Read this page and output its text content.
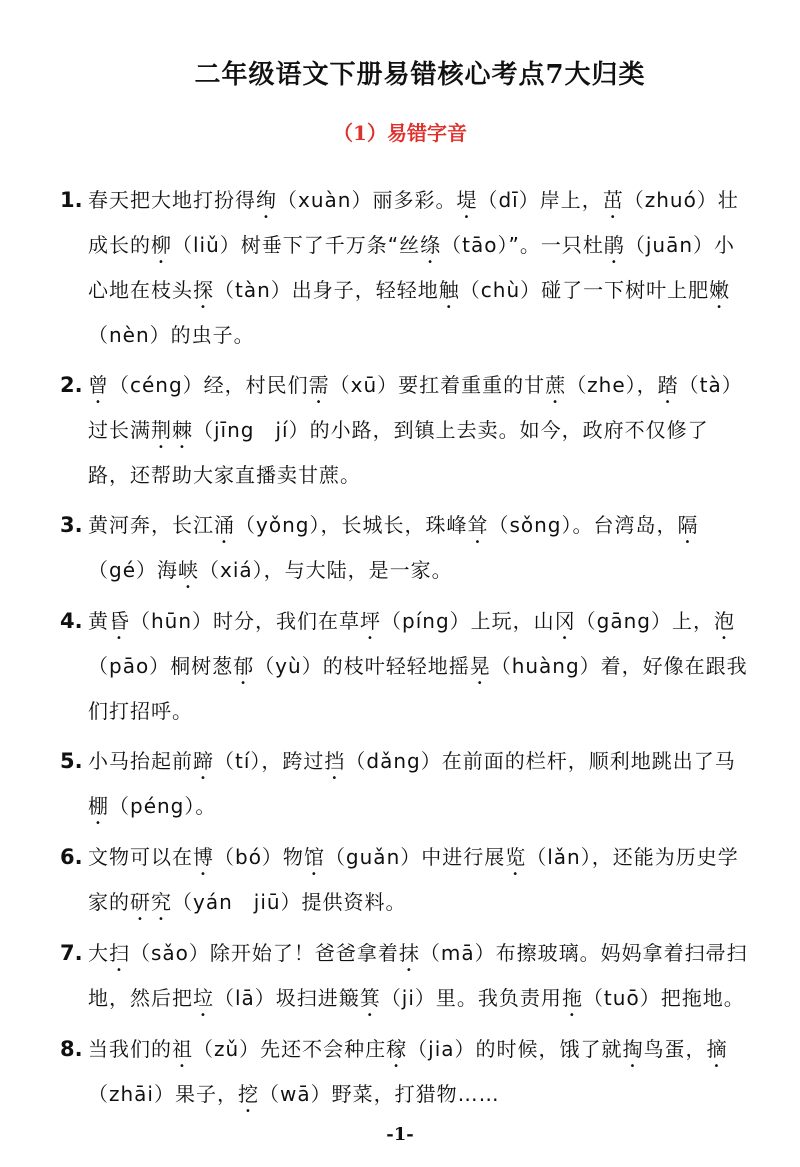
二年级语文下册易错核心考点7大归类
（1）易错字音
1. 春天把大地打扮得绚（xuàn）丽多彩。堤（dī）岸上，茁（zhuó）壮成长的柳（liǔ）树垂下了千万条“丝绦（tāo）”。一只杜鹃（juān）小心地在枝头探（tàn）出身子，轻轻地触（chù）碰了一下树叶上肥嫩（nèn）的虫子。
2. 曾（céng）经，村民们需（xū）要扛着重重的甘蔗（zhe），踏（tà）过长满荆棘（jīng　jí）的小路，到镇上去卖。如今，政府不仅修了路，还帮助大家直播卖甘蔗。
3. 黄河奔，长江涌（yǒng），长城长，珠峰耸（sǒng）。台湾岛，隔（gé）海峡（xiá），与大陆，是一家。
4. 黄昏（hūn）时分，我们在草坪（píng）上玩，山冈（gāng）上，泡（pāo）桐树葱郁（yù）的枝叶轻轻地摇晃（huàng）着，好像在跟我们打招呼。
5. 小马抬起前蹄（tí），跨过挡（dǎng）在前面的栏杆，顺利地跳出了马棚（péng）。
6. 文物可以在博（bó）物馆（guǎn）中进行展览（lǎn），还能为历史学家的研究（yán　jiū）提供资料。
7. 大扫（sǎo）除开始了！爸爸拿着抹（mā）布擦玻璃。妈妈拿着扫帚扫地，然后把垃（lā）圾扫进簸箕（ji）里。我负责用拖（tuō）把拖地。
8. 当我们的祖（zǔ）先还不会种庄稼（jia）的时候，饿了就掏鸟蛋，摘（zhāi）果子，挖（wā）野菜，打猎物……
-1-
